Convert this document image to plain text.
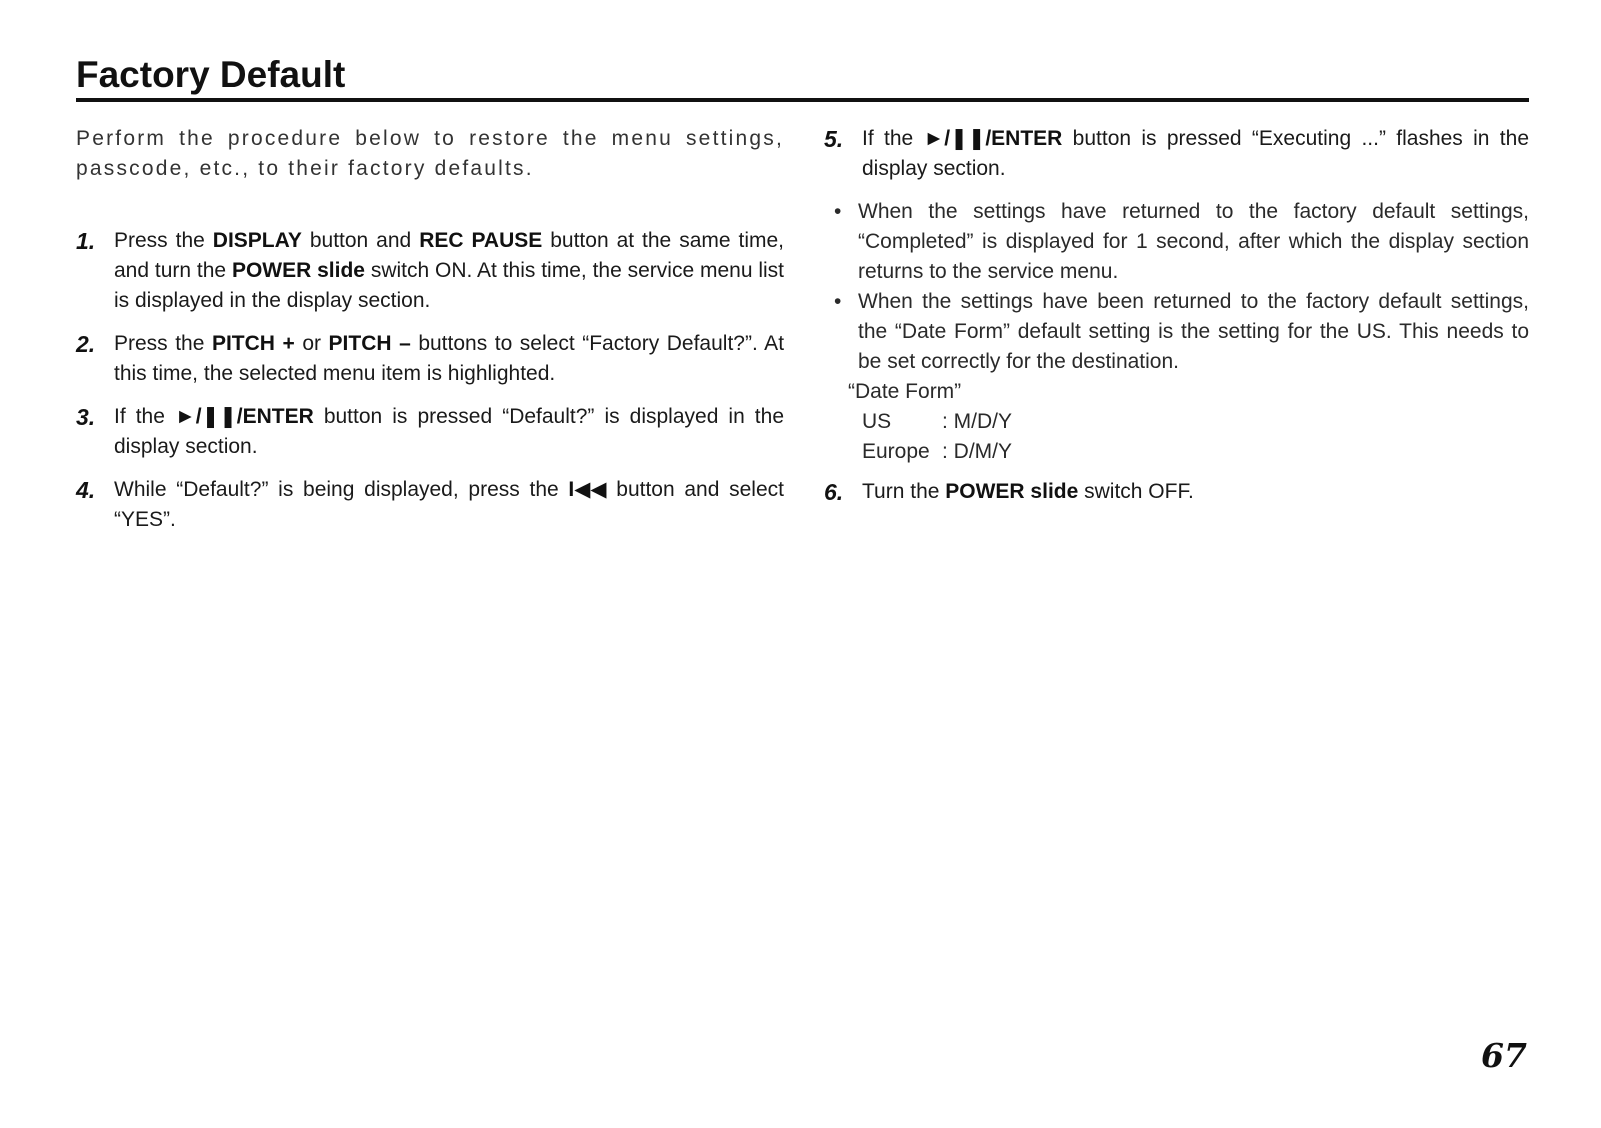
Factory Default

Perform the procedure below to restore the menu settings, passcode, etc., to their factory defaults.

1. Press the DISPLAY button and REC PAUSE button at the same time, and turn the POWER slide switch ON. At this time, the service menu list is displayed in the display section.

2. Press the PITCH + or PITCH – buttons to select “Factory Default?”. At this time, the selected menu item is highlighted.

3. If the ►/❚❚/ENTER button is pressed “Default?” is displayed in the display section.

4. While “Default?” is being displayed, press the I◀◀ button and select “YES”.

5. If the ►/❚❚/ENTER button is pressed “Executing ...” flashes in the display section.

• When the settings have returned to the factory default settings, “Completed” is displayed for 1 second, after which the display section returns to the service menu.
• When the settings have been returned to the factory default settings, the “Date Form” default setting is the setting for the US. This needs to be set correctly for the destination.
“Date Form”
US : M/D/Y
Europe : D/M/Y
6. Turn the POWER slide switch OFF.

67
